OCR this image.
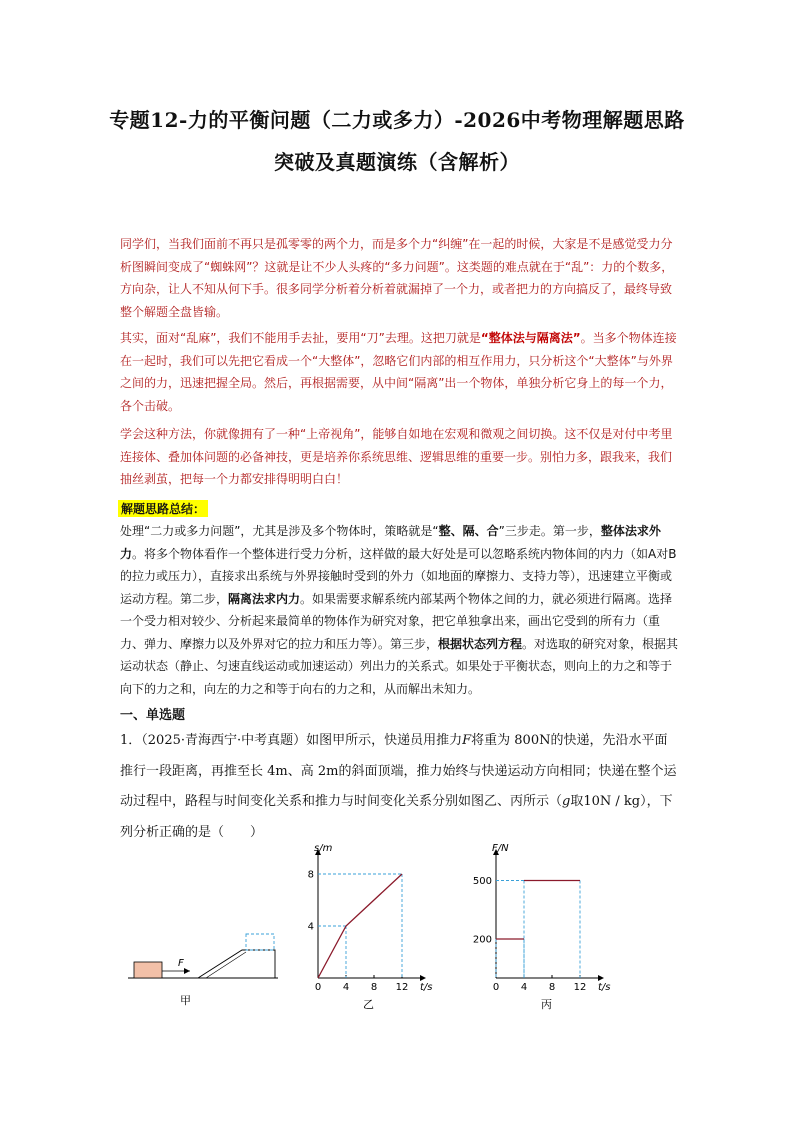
专题12-力的平衡问题（二力或多力）-2026中考物理解题思路
突破及真题演练（含解析）
同学们，当我们面前不再只是孤零零的两个力，而是多个力“纠缠”在一起的时候，大家是不是感觉受力分析图瞬间变成了“蜘蛛网”？这就是让不少人头疼的“多力问题”。这类题的难点就在于“乱”：力的个数多，方向杂，让人不知从何下手。很多同学分析着分析着就漏掉了一个力，或者把力的方向搞反了，最终导致整个解题全盘皆输。
其实，面对“乱麻”，我们不能用手去扯，要用“刀”去理。这把刀就是“整体法与隔离法”。当多个物体连接在一起时，我们可以先把它看成一个“大整体”，忽略它们内部的相互作用力，只分析这个“大整体”与外界之间的力，迅速把握全局。然后，再根据需要，从中间“隔离”出一个物体，单独分析它身上的每一个力，各个击破。
学会这种方法，你就像拥有了一种“上帝视角”，能够自如地在宏观和微观之间切换。这不仅是对付中考里连接体、叠加体问题的必备神技，更是培养你系统思维、逻辑思维的重要一步。别怕力多，跟我来，我们抽丝剥茧，把每一个力都安排得明明白白！
解题思路总结：
处理“二力或多力问题”，尤其是涉及多个物体时，策略就是“整、隔、合”三步走。第一步，整体法求外力。将多个物体看作一个整体进行受力分析，这样做的最大好处是可以忽略系统内物体间的内力（如A对B的拉力或压力），直接求出系统与外界接触时受到的外力（如地面的摩擦力、支持力等），迅速建立平衡或运动方程。第二步，隔离法求内力。如果需要求解系统内部某两个物体之间的力，就必须进行隔离。选择一个受力相对较少、分析起来最简单的物体作为研究对象，把它单独拿出来，画出它受到的所有力（重力、弹力、摩擦力以及外界对它的拉力和压力等）。第三步，根据状态列方程。对选取的研究对象，根据其运动状态（静止、匀速直线运动或加速运动）列出力的关系式。如果处于平衡状态，则向上的力之和等于向下的力之和，向左的力之和等于向右的力之和，从而解出未知力。
一、单选题
1．（2025·青海西宁·中考真题）如图甲所示，快递员用推力F将重为 800N的快递，先沿水平面推行一段距离，再推至长 4m、高 2m的斜面顶端，推力始终与快递运动方向相同；快递在整个运动过程中，路程与时间变化关系和推力与时间变化关系分别如图乙、丙所示（g取10N / kg），下列分析正确的是（　　）
F
甲
t/s
s/m
0 4 8 12
4
8
乙
t/s
F/N
0 4 8 12
200
500
丙
